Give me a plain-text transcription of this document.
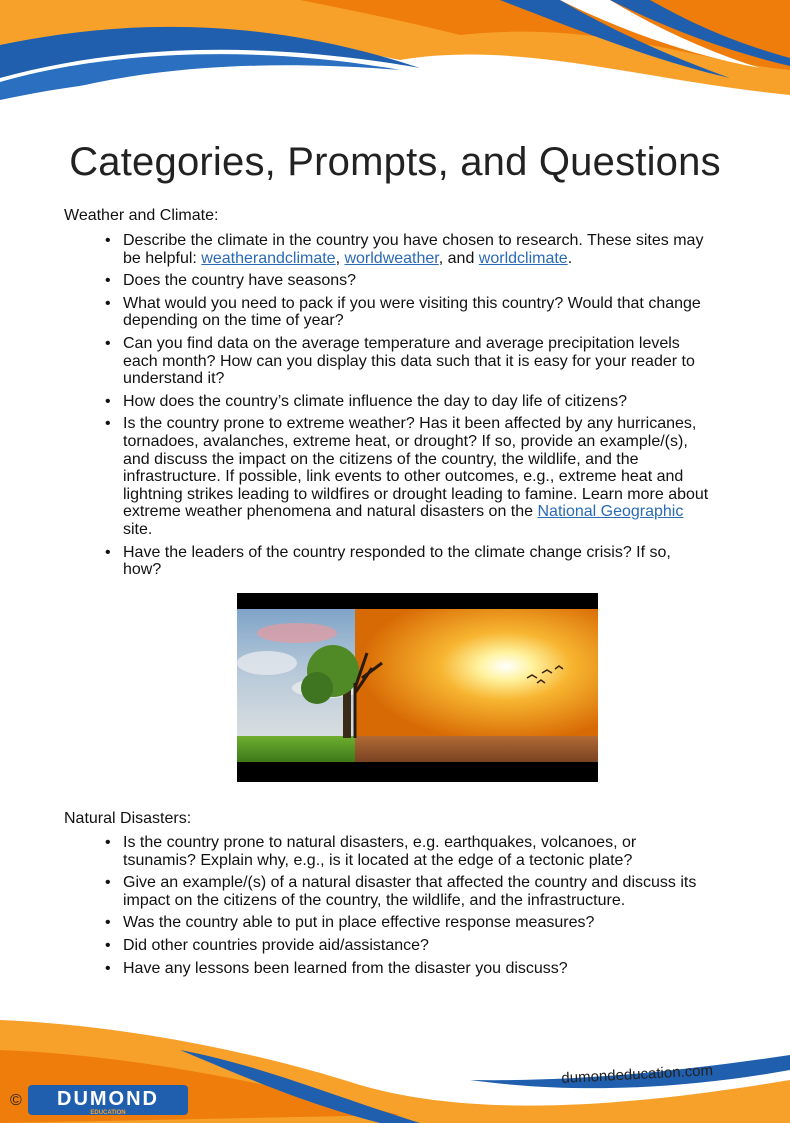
Categories, Prompts, and Questions

Weather and Climate:

• Describe the climate in the country you have chosen to research. These sites may be helpful: weatherandclimate, worldweather, and worldclimate.
• Does the country have seasons?
• What would you need to pack if you were visiting this country? Would that change depending on the time of year?
• Can you find data on the average temperature and average precipitation levels each month? How can you display this data such that it is easy for your reader to understand it?
• How does the country’s climate influence the day to day life of citizens?
• Is the country prone to extreme weather? Has it been affected by any hurricanes, tornadoes, avalanches, extreme heat, or drought? If so, provide an example/(s), and discuss the impact on the citizens of the country, the wildlife, and the infrastructure. If possible, link events to other outcomes, e.g., extreme heat and lightning strikes leading to wildfires or drought leading to famine. Learn more about extreme weather phenomena and natural disasters on the National Geographic site.
• Have the leaders of the country responded to the climate change crisis? If so, how?

Natural Disasters:

• Is the country prone to natural disasters, e.g. earthquakes, volcanoes, or tsunamis? Explain why, e.g., is it located at the edge of a tectonic plate?
• Give an example/(s) of a natural disaster that affected the country and discuss its impact on the citizens of the country, the wildlife, and the infrastructure.
• Was the country able to put in place effective response measures?
• Did other countries provide aid/assistance?
• Have any lessons been learned from the disaster you discuss?
dumondeducation.com
© DUMOND
EDUCATION
